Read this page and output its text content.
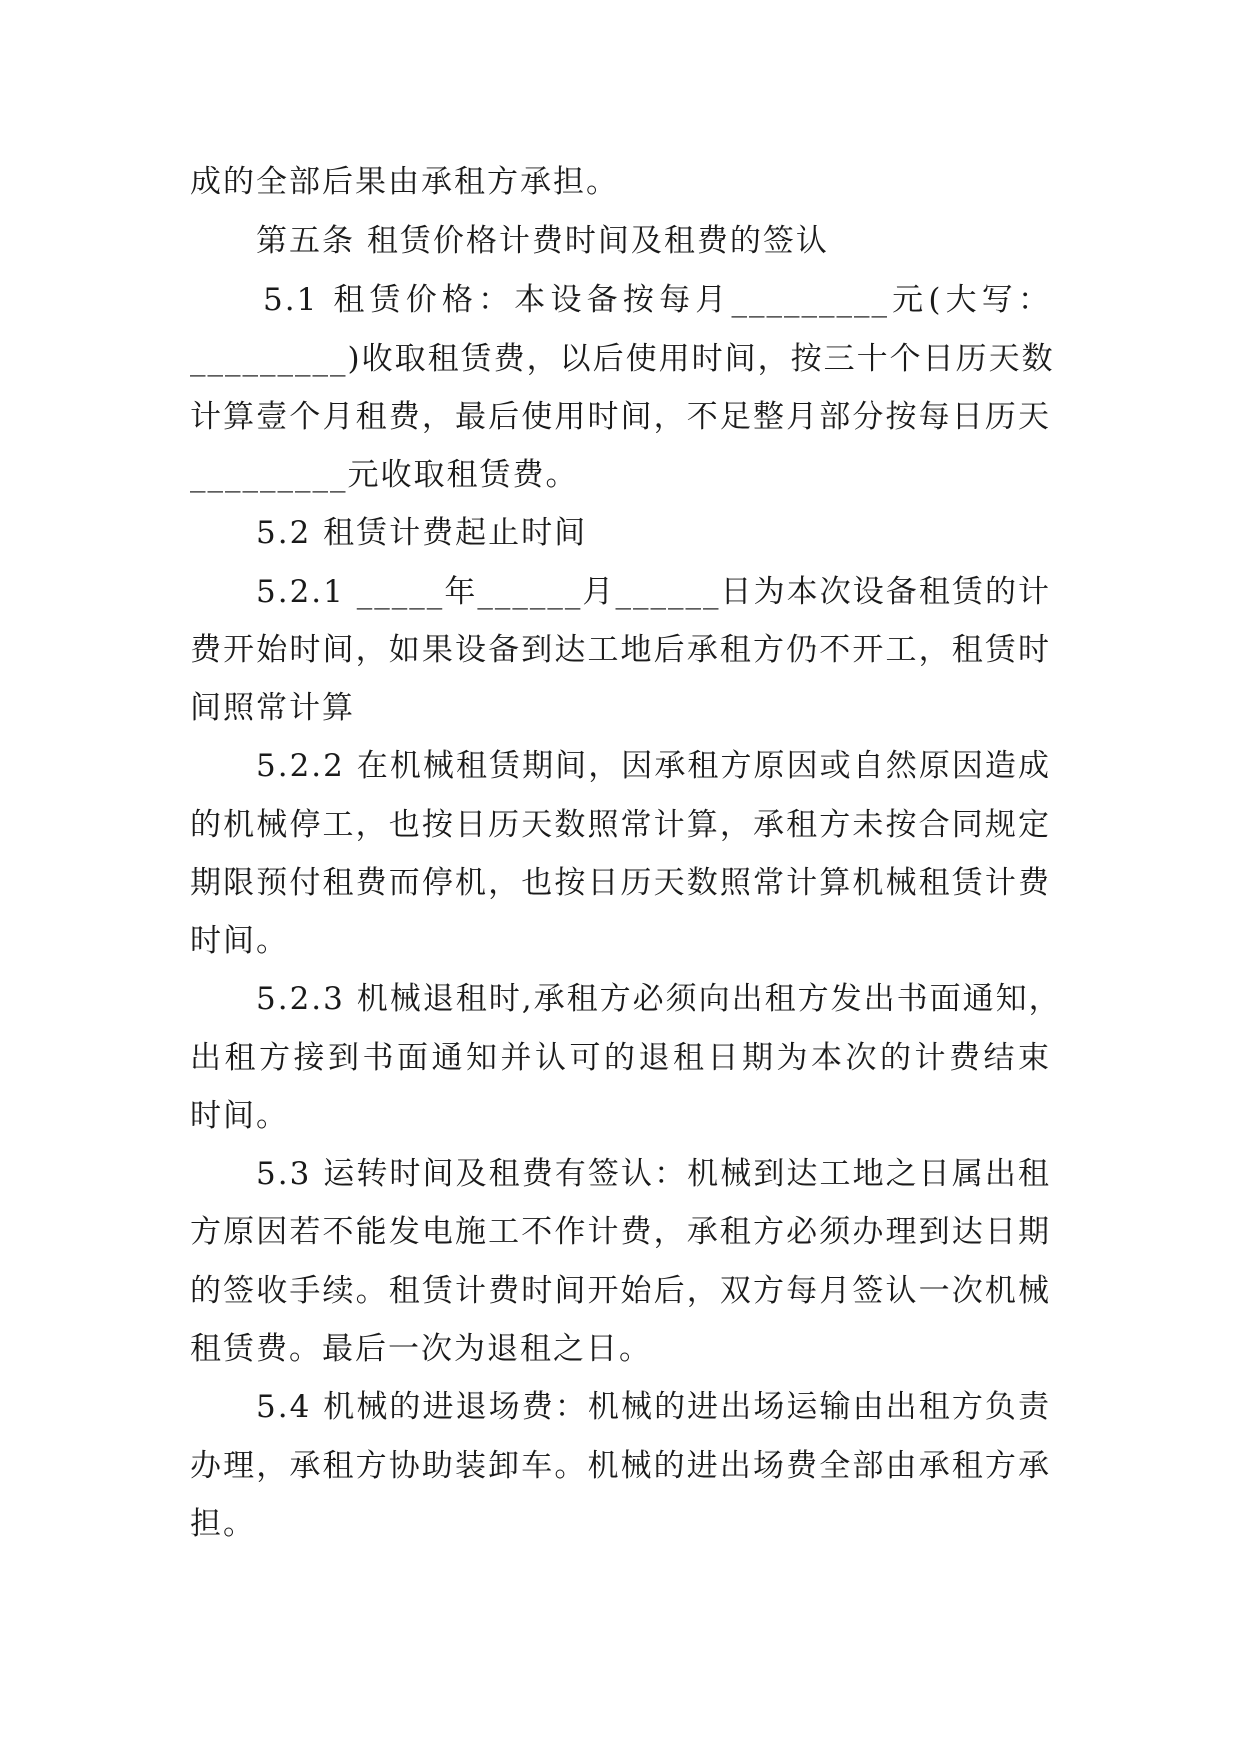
成的全部后果由承租方承担。
第五条 租赁价格计费时间及租费的签认
5.1 租赁价格：本设备按每月_________元(大写：
_________)收取租赁费，以后使用时间，按三十个日历天数
计算壹个月租费，最后使用时间，不足整月部分按每日历天
_________元收取租赁费。
5.2 租赁计费起止时间
5.2.1 _____年______月______日为本次设备租赁的计
费开始时间，如果设备到达工地后承租方仍不开工，租赁时
间照常计算
5.2.2 在机械租赁期间，因承租方原因或自然原因造成
的机械停工，也按日历天数照常计算，承租方未按合同规定
期限预付租费而停机，也按日历天数照常计算机械租赁计费
时间。
5.2.3 机械退租时,承租方必须向出租方发出书面通知，
出租方接到书面通知并认可的退租日期为本次的计费结束
时间。
5.3 运转时间及租费有签认：机械到达工地之日属出租
方原因若不能发电施工不作计费，承租方必须办理到达日期
的签收手续。租赁计费时间开始后，双方每月签认一次机械
租赁费。最后一次为退租之日。
5.4 机械的进退场费：机械的进出场运输由出租方负责
办理，承租方协助装卸车。机械的进出场费全部由承租方承
担。
